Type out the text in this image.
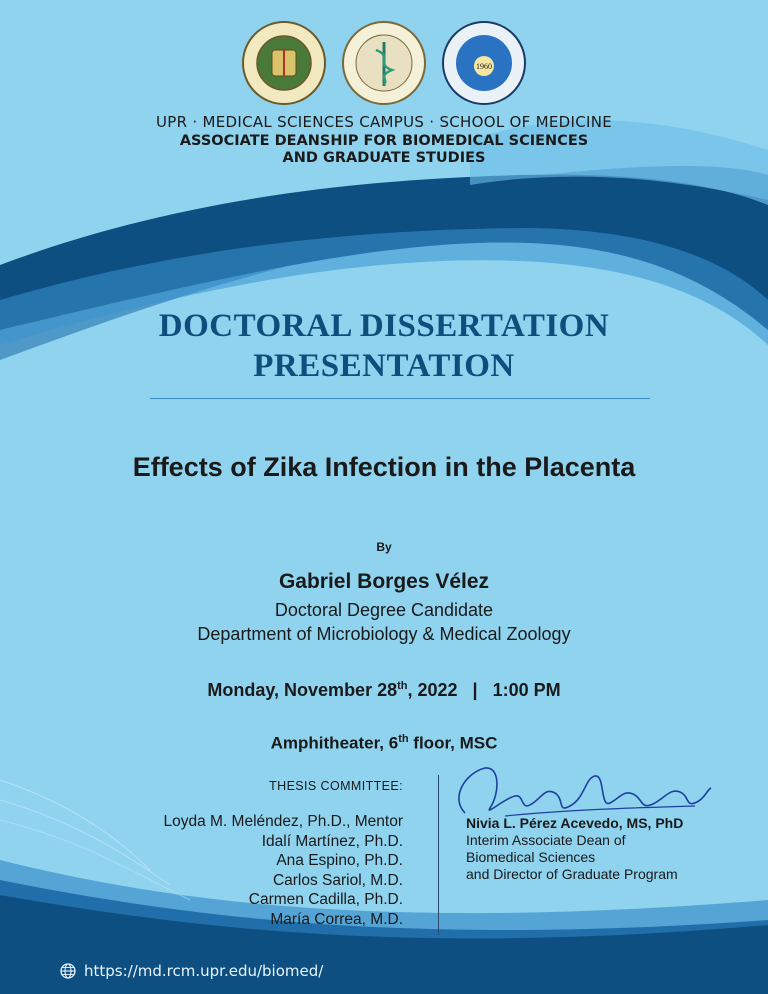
1960
UPR · MEDICAL SCIENCES CAMPUS · SCHOOL OF MEDICINE
ASSOCIATE DEANSHIP FOR BIOMEDICAL SCIENCES
AND GRADUATE STUDIES
DOCTORAL DISSERTATION
PRESENTATION
Effects of Zika Infection in the Placenta
By
Gabriel Borges Vélez
Doctoral Degree Candidate
Department of Microbiology & Medical Zoology
Monday, November 28th, 2022   |   1:00 PM
Amphitheater, 6th floor, MSC
THESIS COMMITTEE:
Loyda M. Meléndez, Ph.D., Mentor
Idalí Martínez, Ph.D.
Ana Espino, Ph.D.
Carlos Sariol, M.D.
Carmen Cadilla, Ph.D.
María Correa, M.D.
Nivia L. Pérez Acevedo, MS, PhD
Interim Associate Dean of
Biomedical Sciences
and Director of Graduate Program
https://md.rcm.upr.edu/biomed/
